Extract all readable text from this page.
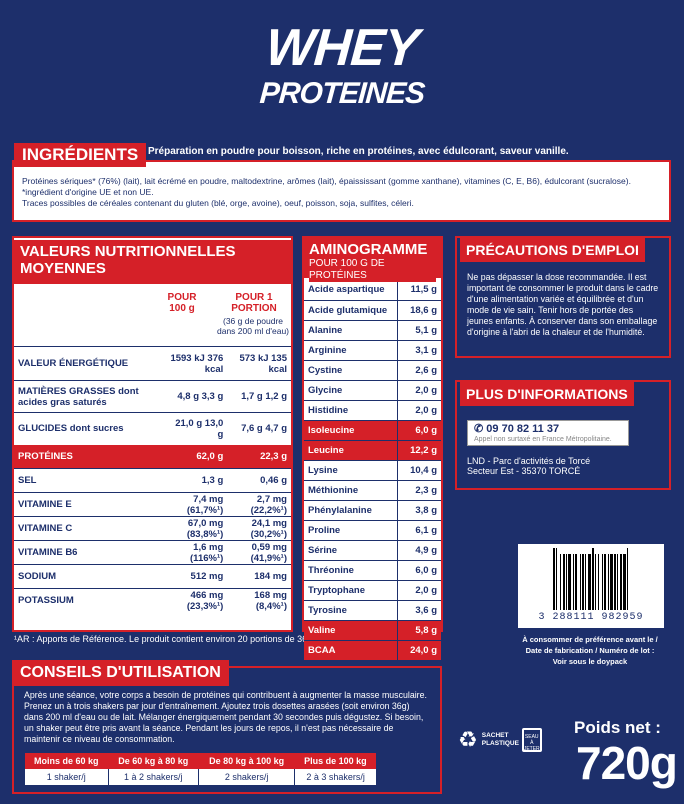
WHEY
PROTEINES
Protéines sériques* (76%) (lait), lait écrémé en poudre, maltodextrine, arômes (lait), épaississant (gomme xanthane), vitamines (C, E, B6), édulcorant (sucralose).
*ingrédient d'origine UE et non UE.
Traces possibles de céréales contenant du gluten (blé, orge, avoine), oeuf, poisson, soja, sulfites, céleri.
INGRÉDIENTS Préparation en poudre pour boisson, riche en protéines, avec édulcorant, saveur vanille.
POUR 100 g
POUR 1 PORTION
(36 g de poudre dans 200 ml d'eau)
VALEUR ÉNERGÉTIQUE	1593 kJ 376 kcal	573 kJ 135 kcal
MATIÈRES GRASSES dont acides gras saturés	4,8 g 3,3 g	1,7 g 1,2 g
GLUCIDES dont sucres	21,0 g 13,0 g	7,6 g 4,7 g
PROTÉINES	62,0 g	22,3 g
SEL	1,3 g	0,46 g
VITAMINE E	7,4 mg (61,7%¹)	2,7 mg (22,2%¹)
VITAMINE C	67,0 mg (83,8%¹)	24,1 mg (30,2%¹)
VITAMINE B6	1,6 mg (116%¹)	0,59 mg (41,9%¹)
SODIUM	512 mg	184 mg
POTASSIUM	466 mg (23,3%¹)	168 mg (8,4%¹)
VALEURS NUTRITIONNELLES MOYENNES
¹AR : Apports de Référence. Le produit contient environ 20 portions de 36 g.
Acide aspartique	11,5 g
Acide glutamique	18,6 g
Alanine	5,1 g
Arginine	3,1 g
Cystine	2,6 g
Glycine	2,0 g
Histidine	2,0 g
Isoleucine	6,0 g
Leucine	12,2 g
Lysine	10,4 g
Méthionine	2,3 g
Phénylalanine	3,8 g
Proline	6,1 g
Sérine	4,9 g
Thréonine	6,0 g
Tryptophane	2,0 g
Tyrosine	3,6 g
Valine	5,8 g
BCAA	24,0 g
AMINOGRAMME
POUR 100 G DE PROTÉINES	Ne pas dépasser la dose recommandée. Il est important de consommer le produit dans le cadre d'une alimentation variée et équilibrée et d'un mode de vie sain. Tenir hors de portée des jeunes enfants. À conserver dans son emballage d'origine à l'abri de la chaleur et de l'humidité.
PRÉCAUTIONS D'EMPLOI
✆ 09 70 82 11 37
Appel non surtaxé en France Métropolitaine.
LND - Parc d'activités de Torcé
Secteur Est - 35370 TORCÉ
PLUS D'INFORMATIONS
3 288111 982959
À consommer de préférence avant le /
Date de fabrication / Numéro de lot :
Voir sous le doypack
Après une séance, votre corps a besoin de protéines qui contribuent à augmenter la masse musculaire. Prenez un à trois shakers par jour d'entraînement. Ajoutez trois dosettes arasées (soit environ 36g) dans 200 ml d'eau ou de lait. Mélanger énergiquement pendant 30 secondes puis dégustez. Si besoin, un shaker peut être pris avant la séance. Pendant les jours de repos, il n'est pas nécessaire de maintenir ce niveau de consommation.
Moins de 60 kg	De 60 kg à 80 kg	De 80 kg à 100 kg	Plus de 100 kg
1 shaker/j	1 à 2 shakers/j	2 shakers/j	2 à 3 shakers/j
CONSEILS D'UTILISATION
♻ SACHET PLASTIQUE
SEAU À JETER
Poids net :
720g
